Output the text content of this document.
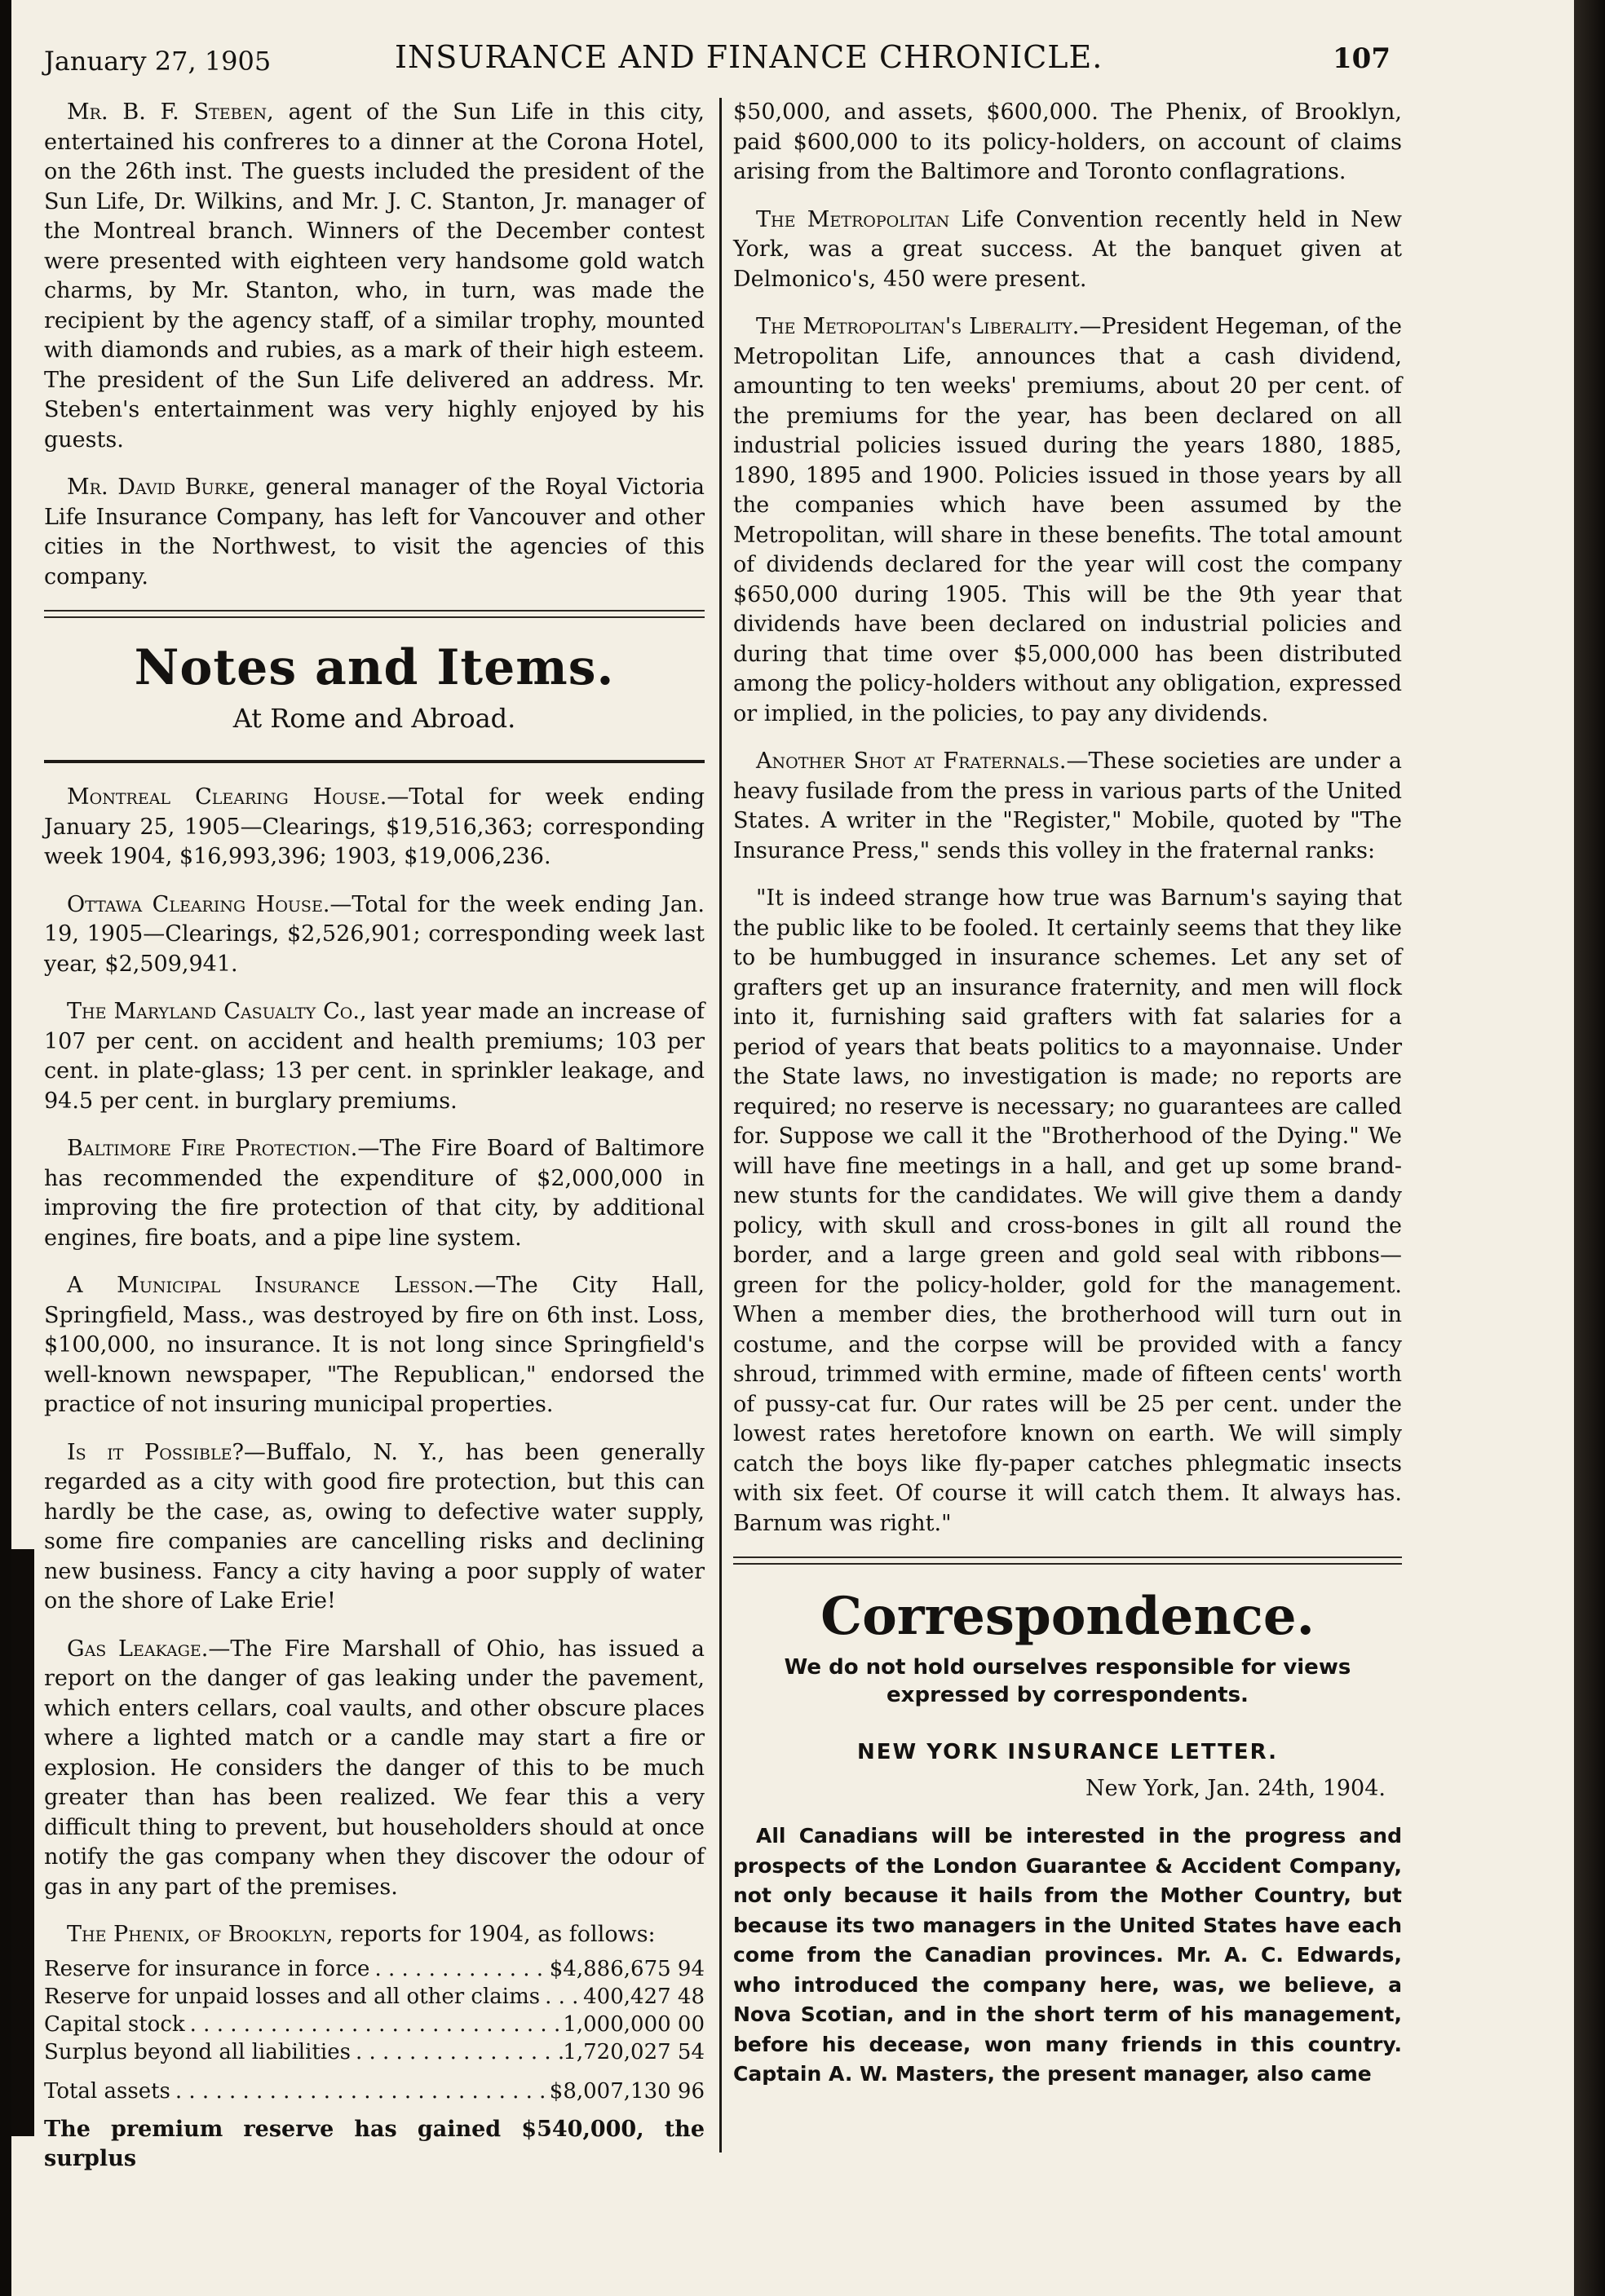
January 27, 1905	INSURANCE AND FINANCE CHRONICLE.	107

Mr. B. F. Steben, agent of the Sun Life in this city, entertained his confreres to a dinner at the Corona Hotel, on the 26th inst. The guests included the president of the Sun Life, Dr. Wilkins, and Mr. J. C. Stanton, Jr. manager of the Montreal branch. Winners of the December contest were presented with eighteen very handsome gold watch charms, by Mr. Stanton, who, in turn, was made the recipient by the agency staff, of a similar trophy, mounted with diamonds and rubies, as a mark of their high esteem. The president of the Sun Life delivered an address. Mr. Steben's entertainment was very highly enjoyed by his guests.

Mr. David Burke, general manager of the Royal Victoria Life Insurance Company, has left for Vancouver and other cities in the Northwest, to visit the agencies of this company.

Notes and Items.
At Rome and Abroad.

Montreal Clearing House.—Total for week ending January 25, 1905—Clearings, $19,516,363; corresponding week 1904, $16,993,396; 1903, $19,006,236.

Ottawa Clearing House.—Total for the week ending Jan. 19, 1905—Clearings, $2,526,901; corresponding week last year, $2,509,941.

The Maryland Casualty Co., last year made an increase of 107 per cent. on accident and health premiums; 103 per cent. in plate-glass; 13 per cent. in sprinkler leakage, and 94.5 per cent. in burglary premiums.

Baltimore Fire Protection.—The Fire Board of Baltimore has recommended the expenditure of $2,000,000 in improving the fire protection of that city, by additional engines, fire boats, and a pipe line system.

A Municipal Insurance Lesson.—The City Hall, Springfield, Mass., was destroyed by fire on 6th inst. Loss, $100,000, no insurance. It is not long since Springfield's well-known newspaper, "The Republican," endorsed the practice of not insuring municipal properties.

Is it Possible?—Buffalo, N. Y., has been generally regarded as a city with good fire protection, but this can hardly be the case, as, owing to defective water supply, some fire companies are cancelling risks and declining new business. Fancy a city having a poor supply of water on the shore of Lake Erie!

Gas Leakage.—The Fire Marshall of Ohio, has issued a report on the danger of gas leaking under the pavement, which enters cellars, coal vaults, and other obscure places where a lighted match or a candle may start a fire or explosion. He considers the danger of this to be much greater than has been realized. We fear this a very difficult thing to prevent, but householders should at once notify the gas company when they discover the odour of gas in any part of the premises.

The Phenix, of Brooklyn, reports for 1904, as follows:

Reserve for insurance in force . . .	$4,886,675 94
Reserve for unpaid losses and all other claims . . . 400,427 48
Capital stock . . .	1,000,000 00
Surplus beyond all liabilities . . .	1,720,027 54
Total assets . . .	$8,007,130 96

The premium reserve has gained $540,000, the surplus

$50,000, and assets, $600,000. The Phenix, of Brooklyn, paid $600,000 to its policy-holders, on account of claims arising from the Baltimore and Toronto conflagrations.

The Metropolitan Life Convention recently held in New York, was a great success. At the banquet given at Delmonico's, 450 were present.

The Metropolitan's Liberality.—President Hegeman, of the Metropolitan Life, announces that a cash dividend, amounting to ten weeks' premiums, about 20 per cent. of the premiums for the year, has been declared on all industrial policies issued during the years 1880, 1885, 1890, 1895 and 1900. Policies issued in those years by all the companies which have been assumed by the Metropolitan, will share in these benefits. The total amount of dividends declared for the year will cost the company $650,000 during 1905. This will be the 9th year that dividends have been declared on industrial policies and during that time over $5,000,000 has been distributed among the policy-holders without any obligation, expressed or implied, in the policies, to pay any dividends.

Another Shot at Fraternals.—These societies are under a heavy fusilade from the press in various parts of the United States. A writer in the "Register," Mobile, quoted by "The Insurance Press," sends this volley in the fraternal ranks:

"It is indeed strange how true was Barnum's saying that the public like to be fooled. It certainly seems that they like to be humbugged in insurance schemes. Let any set of grafters get up an insurance fraternity, and men will flock into it, furnishing said grafters with fat salaries for a period of years that beats politics to a mayonnaise. Under the State laws, no investigation is made; no reports are required; no reserve is necessary; no guarantees are called for. Suppose we call it the "Brotherhood of the Dying." We will have fine meetings in a hall, and get up some brand-new stunts for the candidates. We will give them a dandy policy, with skull and cross-bones in gilt all round the border, and a large green and gold seal with ribbons—green for the policy-holder, gold for the management. When a member dies, the brotherhood will turn out in costume, and the corpse will be provided with a fancy shroud, trimmed with ermine, made of fifteen cents' worth of pussy-cat fur. Our rates will be 25 per cent. under the lowest rates heretofore known on earth. We will simply catch the boys like fly-paper catches phlegmatic insects with six feet. Of course it will catch them. It always has. Barnum was right."

Correspondence.
We do not hold ourselves responsible for views expressed by correspondents.
NEW YORK INSURANCE LETTER.
New York, Jan. 24th, 1904.

All Canadians will be interested in the progress and prospects of the London Guarantee & Accident Company, not only because it hails from the Mother Country, but because its two managers in the United States have each come from the Canadian provinces. Mr. A. C. Edwards, who introduced the company here, was, we believe, a Nova Scotian, and in the short term of his management, before his decease, won many friends in this country. Captain A. W. Masters, the present manager, also came
